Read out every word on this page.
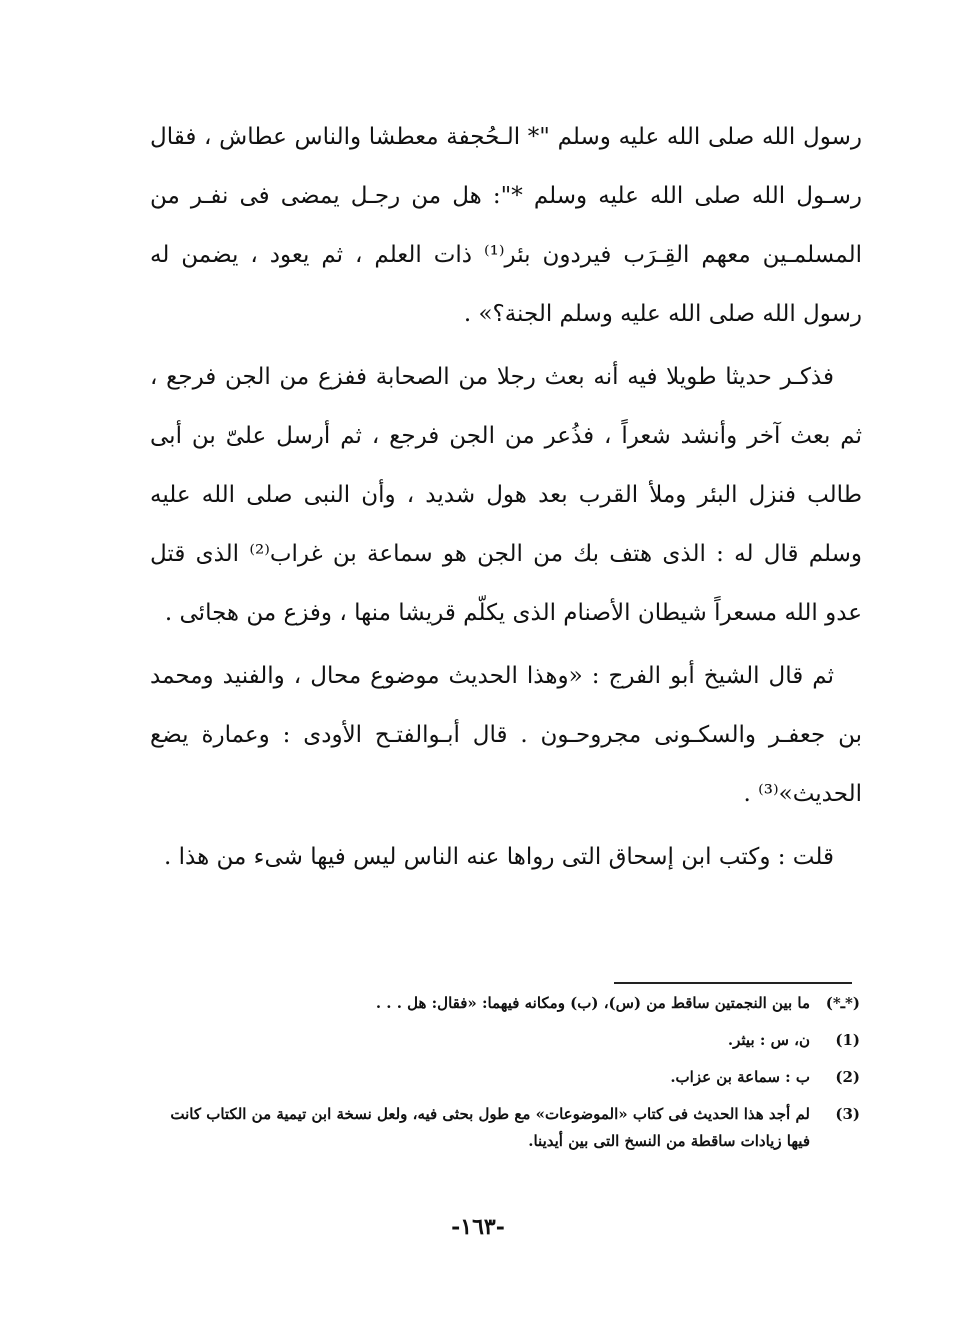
رسول الله صلى الله عليه وسلم "* الـحُجفة معطشا والناس عطاش ، فقال رسـول الله صلى الله عليه وسلم *": هل من رجـل يمضى فى نفـر من المسلمـين معهم القِـرَب فيردون بئر⁽¹⁾ ذات العلم ، ثم يعود ، يضمن له رسول الله صلى الله عليه وسلم الجنة؟» .

فذكـر حديثا طويلا فيه أنه بعث رجلا من الصحابة ففزع من الجن فرجع ، ثم بعث آخر وأنشد شعراً ، فذُعر من الجن فرجع ، ثم أرسل علىّ بن أبى طالب فنزل البئر وملأ القرب بعد هول شديد ، وأن النبى صلى الله عليه وسلم قال له : الذى هتف بك من الجن هو سماعة بن غراب⁽²⁾ الذى قتل عدو الله مسعراً شيطان الأصنام الذى يكلّم قريشا منها ، وفزع من هجائى .

ثم قال الشيخ أبو الفرج : «وهذا الحديث موضوع محال ، والفنيد ومحمد بن جعفـر والسكـونى مجروحـون . قال أبـوالفتـح الأودى : وعمارة يضع الحديث»⁽³⁾ .

قلت : وكتب ابن إسحاق التى رواها عنه الناس ليس فيها شىء من هذا .

(*ـ*)
ما بين النجمتين ساقط من (س)، (ب) ومكانه فيهما: «فقال: هل . . .
(1)
ن، س : بيثر.
(2)
ب : سماعة بن عزاب.
(3)
لم أجد هذا الحديث فى كتاب «الموضوعات» مع طول بحثى فيه، ولعل نسخة ابن تيمية من الكتاب كانت فيها زيادات ساقطة من النسخ التى بين أيدينا.
-١٦٣-
